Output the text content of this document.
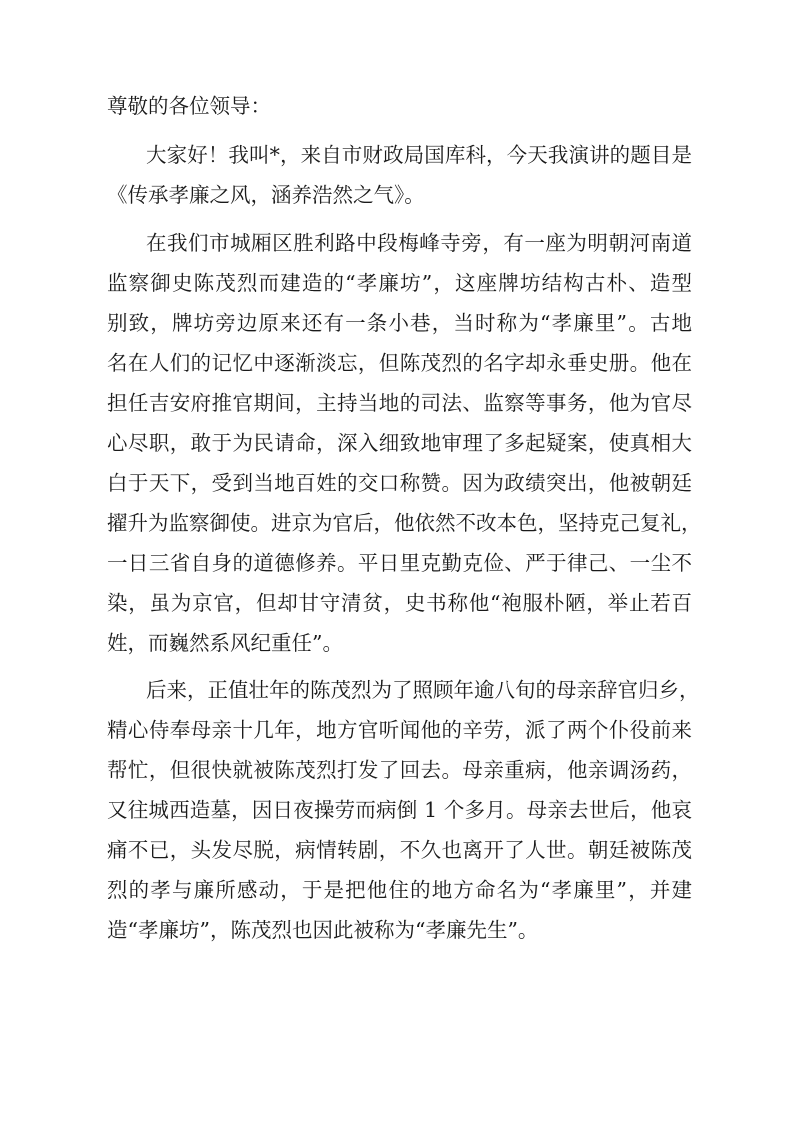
尊敬的各位领导：
大家好！我叫*，来自市财政局国库科，今天我演讲的题目是
《传承孝廉之风，涵养浩然之气》。
在我们市城厢区胜利路中段梅峰寺旁，有一座为明朝河南道
监察御史陈茂烈而建造的“孝廉坊”，这座牌坊结构古朴、造型
别致，牌坊旁边原来还有一条小巷，当时称为“孝廉里”。古地
名在人们的记忆中逐渐淡忘，但陈茂烈的名字却永垂史册。他在
担任吉安府推官期间，主持当地的司法、监察等事务，他为官尽
心尽职，敢于为民请命，深入细致地审理了多起疑案，使真相大
白于天下，受到当地百姓的交口称赞。因为政绩突出，他被朝廷
擢升为监察御使。进京为官后，他依然不改本色，坚持克己复礼，
一日三省自身的道德修养。平日里克勤克俭、严于律己、一尘不
染，虽为京官，但却甘守清贫，史书称他“袍服朴陋，举止若百
姓，而巍然系风纪重任”。
后来，正值壮年的陈茂烈为了照顾年逾八旬的母亲辞官归乡，
精心侍奉母亲十几年，地方官听闻他的辛劳，派了两个仆役前来
帮忙，但很快就被陈茂烈打发了回去。母亲重病，他亲调汤药，
又往城西造墓，因日夜操劳而病倒 1 个多月。母亲去世后，他哀
痛不已，头发尽脱，病情转剧，不久也离开了人世。朝廷被陈茂
烈的孝与廉所感动，于是把他住的地方命名为“孝廉里”，并建
造“孝廉坊”，陈茂烈也因此被称为“孝廉先生”。
